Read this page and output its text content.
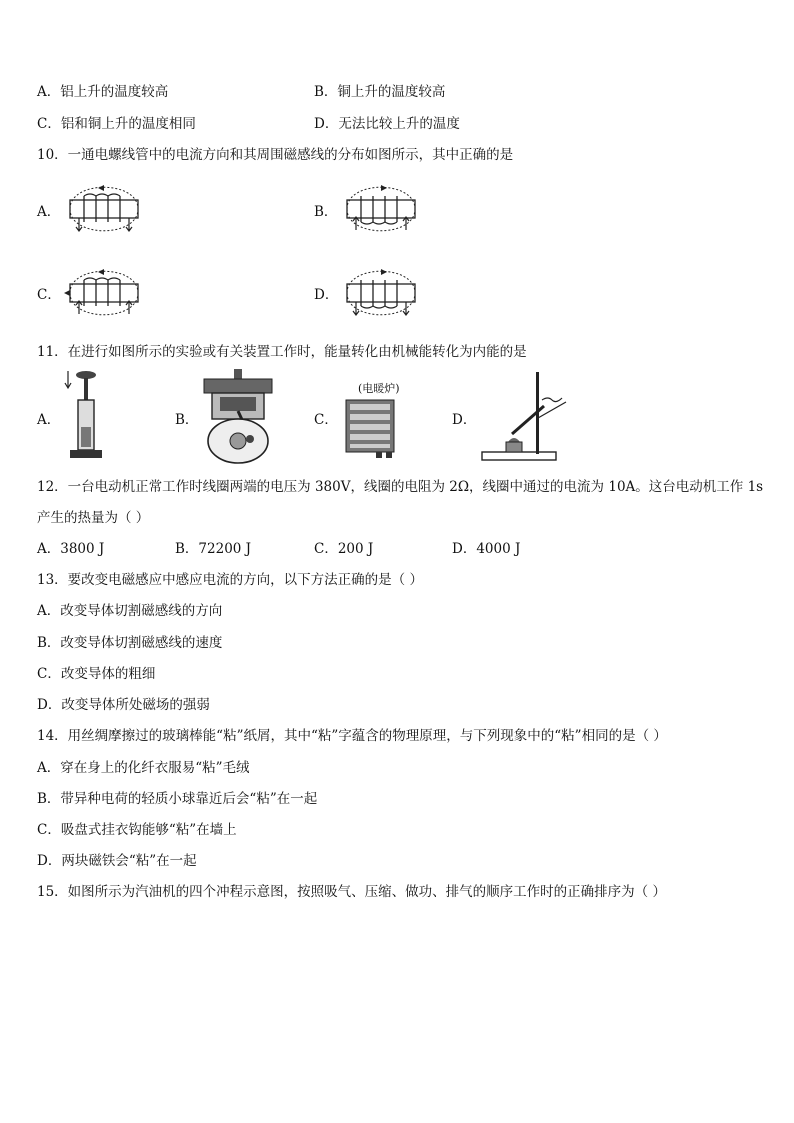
A．铝上升的温度较高	B．铜上升的温度较高
C．铝和铜上升的温度相同	D．无法比较上升的温度
10．一通电螺线管中的电流方向和其周围磁感线的分布如图所示，其中正确的是
A．	B．
C．	D．
11．在进行如图所示的实验或有关装置工作时，能量转化由机械能转化为内能的是
A．	B．	C．
(电暖炉)
D．
12．一台电动机正常工作时线圈两端的电压为 380V，线圈的电阻为 2Ω，线圈中通过的电流为 10A。这台电动机工作 1s
产生的热量为（ ）
A．3800 J	B．72200 J	C．200 J	D．4000 J
13．要改变电磁感应中感应电流的方向，以下方法正确的是（ ）
A．改变导体切割磁感线的方向
B．改变导体切割磁感线的速度
C．改变导体的粗细
D．改变导体所处磁场的强弱
14．用丝绸摩擦过的玻璃棒能“粘”纸屑，其中“粘”字蕴含的物理原理，与下列现象中的“粘”相同的是（ ）
A．穿在身上的化纤衣服易“粘”毛绒
B．带异种电荷的轻质小球靠近后会“粘”在一起
C．吸盘式挂衣钩能够“粘”在墙上
D．两块磁铁会“粘”在一起
15．如图所示为汽油机的四个冲程示意图，按照吸气、压缩、做功、排气的顺序工作时的正确排序为（ ）
